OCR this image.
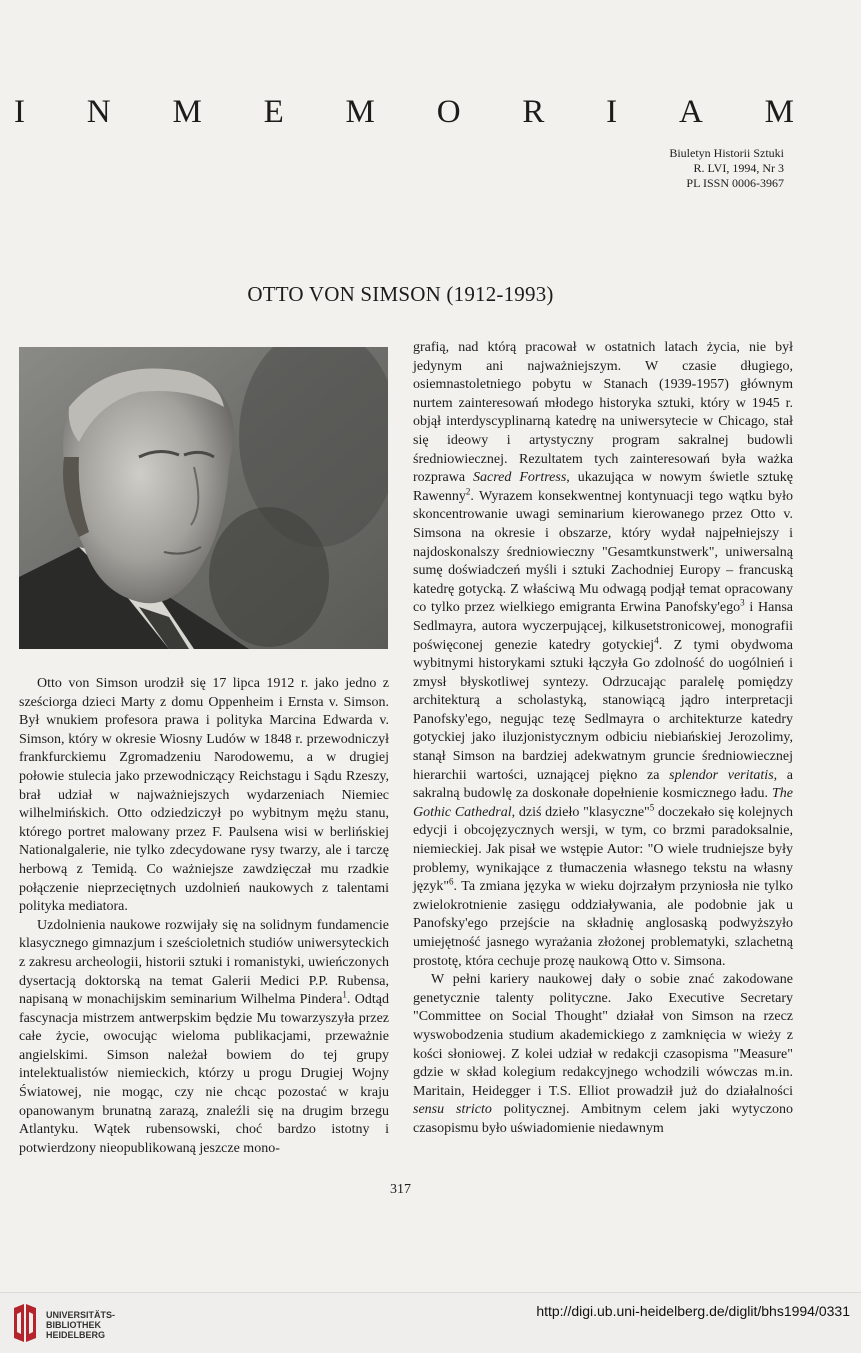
I N M E M O R I A M
Biuletyn Historii Sztuki
R. LVI, 1994, Nr 3
PL ISSN 0006-3967
OTTO VON SIMSON (1912-1993)

Otto von Simson urodził się 17 lipca 1912 r. jako jedno z sześciorga dzieci Marty z domu Oppenheim i Ernsta v. Simson. Był wnukiem profesora prawa i polityka Marcina Edwarda v. Simson, który w okresie Wiosny Ludów w 1848 r. przewodniczył frankfurckiemu Zgromadzeniu Narodowemu, a w drugiej połowie stulecia jako przewodniczący Reichstagu i Sądu Rzeszy, brał udział w najważniejszych wydarzeniach Niemiec wilhelmińskich. Otto odziedziczył po wybitnym mężu stanu, którego portret malowany przez F. Paulsena wisi w berlińskiej Nationalgalerie, nie tylko zdecydowane rysy twarzy, ale i tarczę herbową z Temidą. Co ważniejsze zawdzięczał mu rzadkie połączenie nieprzeciętnych uzdolnień naukowych z talentami polityka mediatora.

Uzdolnienia naukowe rozwijały się na solidnym fundamencie klasycznego gimnazjum i sześcioletnich studiów uniwersyteckich z zakresu archeologii, historii sztuki i romanistyki, uwieńczonych dysertacją doktorską na temat Galerii Medici P.P. Rubensa, napisaną w monachijskim seminarium Wilhelma Pindera$^1$. Odtąd fascynacja mistrzem antwerpskim będzie Mu towarzyszyła przez całe życie, owocując wieloma publikacjami, przeważnie angielskimi. Simson należał bowiem do tej grupy intelektualistów niemieckich, którzy u progu Drugiej Wojny Światowej, nie mogąc, czy nie chcąc pozostać w kraju opanowanym brunatną zarazą, znaleźli się na drugim brzegu Atlantyku. Wątek rubensowski, choć bardzo istotny i potwierdzony nieopublikowaną jeszcze mono-

grafią, nad którą pracował w ostatnich latach życia, nie był jedynym ani najważniejszym. W czasie długiego, osiemnastoletniego pobytu w Stanach (1939-1957) głównym nurtem zainteresowań młodego historyka sztuki, który w 1945 r. objął interdyscyplinarną katedrę na uniwersytecie w Chicago, stał się ideowy i artystyczny program sakralnej budowli średniowiecznej. Rezultatem tych zainteresowań była ważka rozprawa Sacred Fortress, ukazująca w nowym świetle sztukę Rawenny$^2$. Wyrazem konsekwentnej kontynuacji tego wątku było skoncentrowanie uwagi seminarium kierowanego przez Otto v. Simsona na okresie i obszarze, który wydał najpełniejszy i najdoskonalszy średniowieczny "Gesamtkunstwerk", uniwersalną sumę doświadczeń myśli i sztuki Zachodniej Europy – francuską katedrę gotycką. Z właściwą Mu odwagą podjął temat opracowany co tylko przez wielkiego emigranta Erwina Panofsky'ego$^3$ i Hansa Sedlmayra, autora wyczerpującej, kilkusetstronicowej, monografii poświęconej genezie katedry gotyckiej$^4$. Z tymi obydwoma wybitnymi historykami sztuki łączyła Go zdolność do uogólnień i zmysł błyskotliwej syntezy. Odrzucając paralelę pomiędzy architekturą a scholastyką, stanowiącą jądro interpretacji Panofsky'ego, negując tezę Sedlmayra o architekturze katedry gotyckiej jako iluzjonistycznym odbiciu niebiańskiej Jerozolimy, stanął Simson na bardziej adekwatnym gruncie średniowiecznej hierarchii wartości, uznającej piękno za splendor veritatis, a sakralną budowlę za doskonałe dopełnienie kosmicznego ładu. The Gothic Cathedral, dziś dzieło "klasyczne"$^5$ doczekało się kolejnych edycji i obcojęzycznych wersji, w tym, co brzmi paradoksalnie, niemieckiej. Jak pisał we wstępie Autor: "O wiele trudniejsze były problemy, wynikające z tłumaczenia własnego tekstu na własny język"$^6$. Ta zmiana języka w wieku dojrzałym przyniosła nie tylko zwielokrotnienie zasięgu oddziaływania, ale podobnie jak u Panofsky'ego przejście na składnię anglosaską podwyższyło umiejętność jasnego wyrażania złożonej problematyki, szlachetną prostotę, która cechuje prozę naukową Otto v. Simsona.

W pełni kariery naukowej dały o sobie znać zakodowane genetycznie talenty polityczne. Jako Executive Secretary "Committee on Social Thought" działał von Simson na rzecz wyswobodzenia studium akademickiego z zamknięcia w wieży z kości słoniowej. Z kolei udział w redakcji czasopisma "Measure" gdzie w skład kolegium redakcyjnego wchodzili wówczas m.in. Maritain, Heidegger i T.S. Elliot prowadził już do działalności sensu stricto politycznej. Ambitnym celem jaki wytyczono czasopismu było uświadomienie niedawnym

317
UNIVERSITÄTS-
BIBLIOTHEK
HEIDELBERG
http://digi.ub.uni-heidelberg.de/diglit/bhs1994/0331
